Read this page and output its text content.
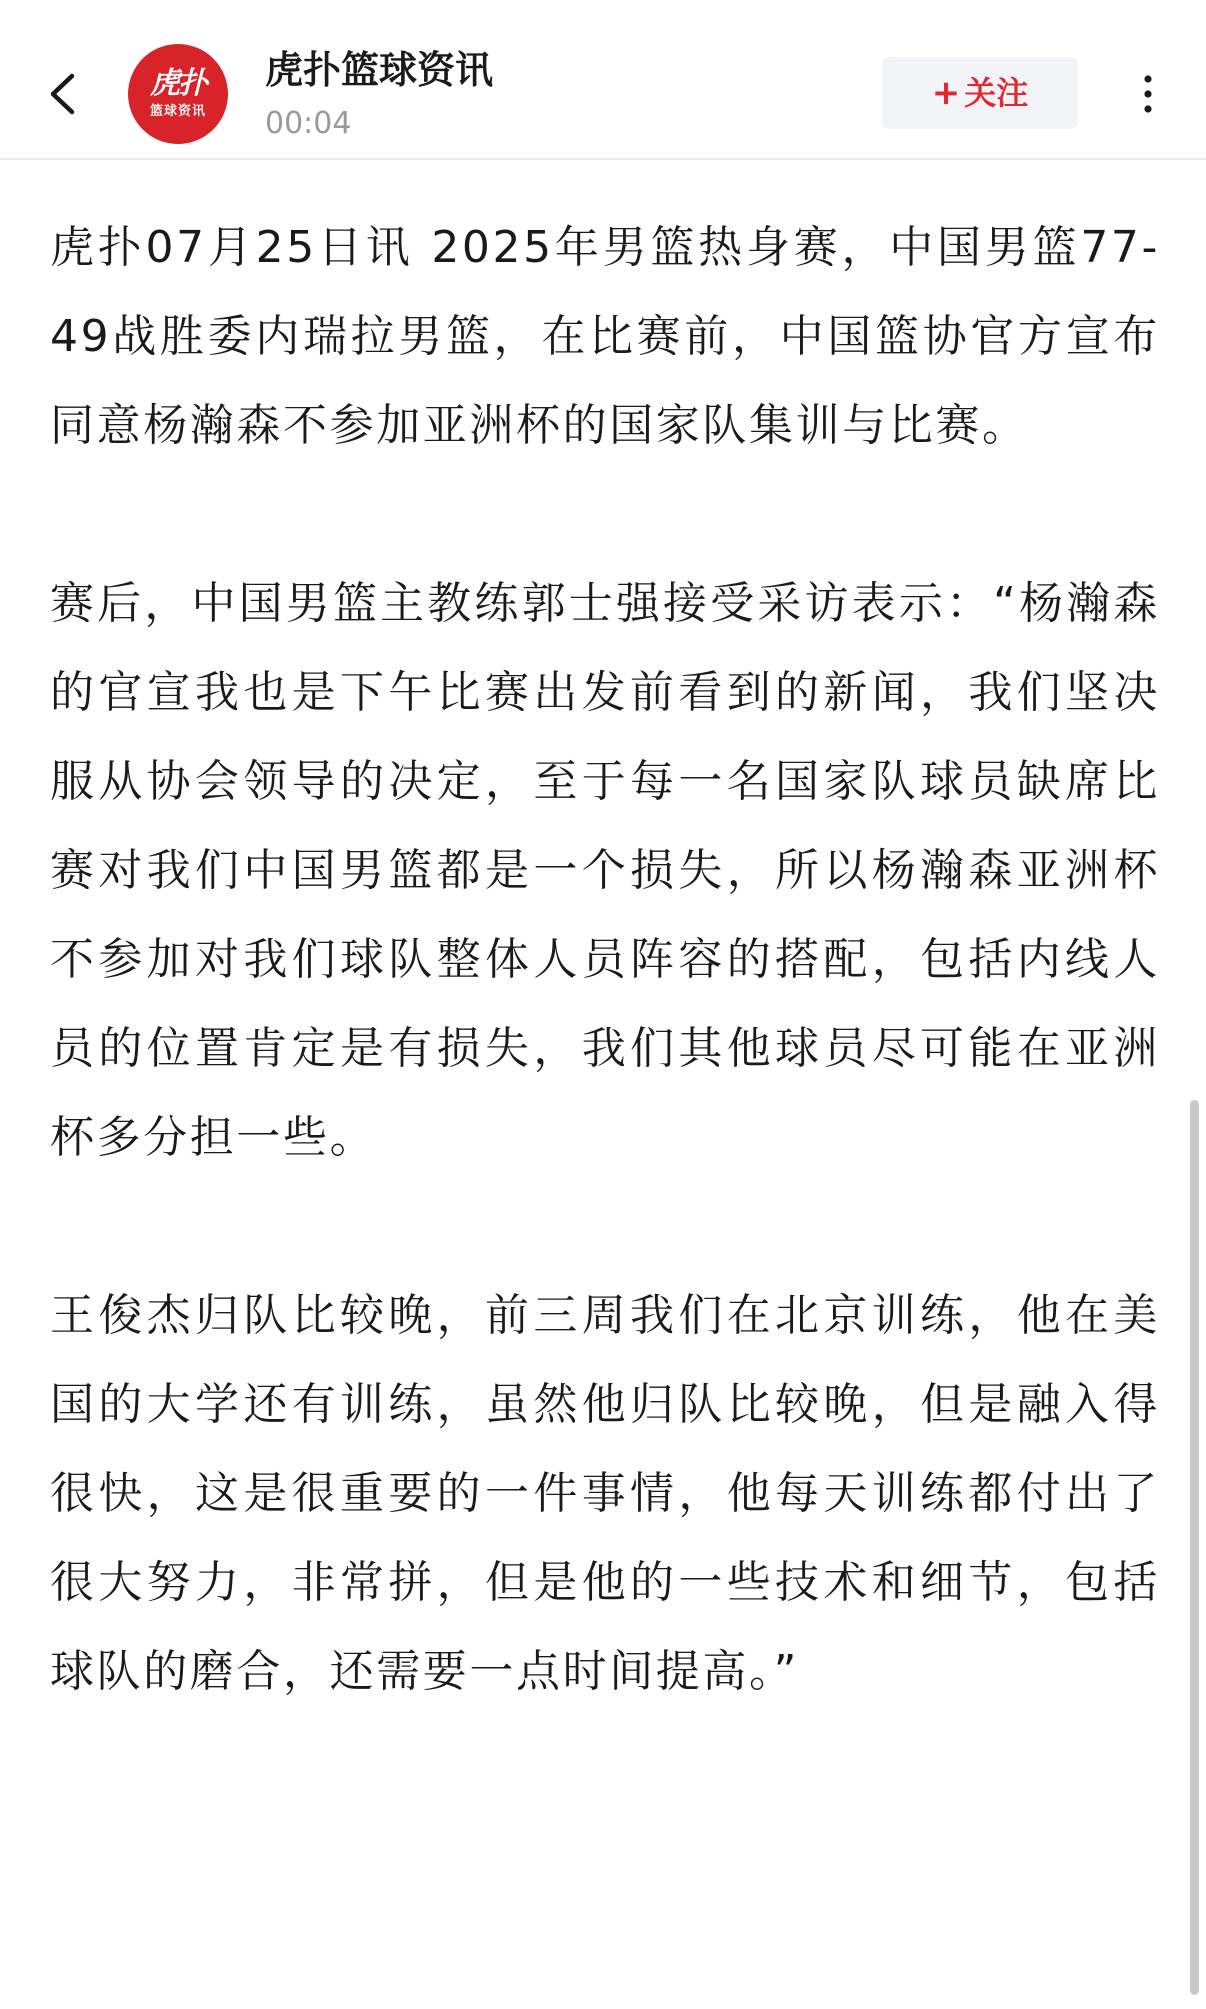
虎扑
篮球资讯
虎扑篮球资讯
00:04
+ 关注

虎扑07月25日讯 2025年男篮热身赛，中国男篮77-49战胜委内瑞拉男篮，在比赛前，中国篮协官方宣布同意杨瀚森不参加亚洲杯的国家队集训与比赛。

赛后，中国男篮主教练郭士强接受采访表示：“杨瀚森的官宣我也是下午比赛出发前看到的新闻，我们坚决服从协会领导的决定，至于每一名国家队球员缺席比赛对我们中国男篮都是一个损失，所以杨瀚森亚洲杯不参加对我们球队整体人员阵容的搭配，包括内线人员的位置肯定是有损失，我们其他球员尽可能在亚洲杯多分担一些。

王俊杰归队比较晚，前三周我们在北京训练，他在美国的大学还有训练，虽然他归队比较晚，但是融入得很快，这是很重要的一件事情，他每天训练都付出了很大努力，非常拼，但是他的一些技术和细节，包括球队的磨合，还需要一点时间提高。”
